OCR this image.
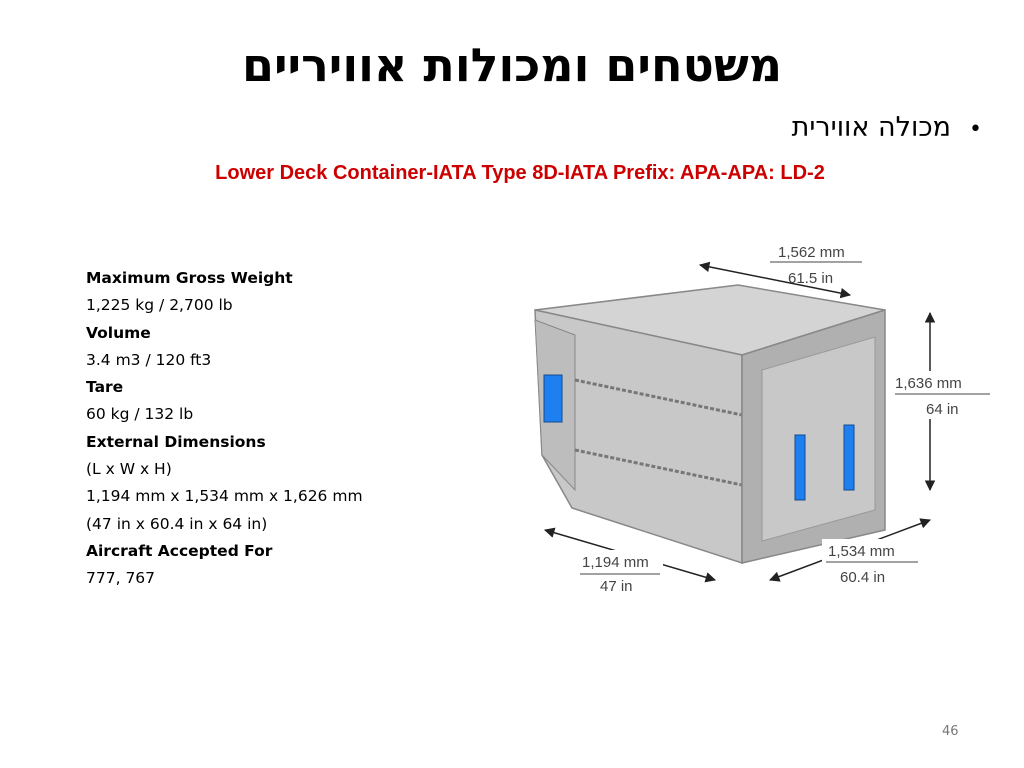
משטחים ומכולות אוויריים
•מכולה אווירית
Lower Deck Container-IATA Type 8D-IATA Prefix: APA-APA: LD-2
Maximum Gross Weight
1,225 kg / 2,700 lb
Volume
3.4 m3 / 120 ft3
Tare
60 kg / 132 lb
External Dimensions
(L x W x H)
1,194 mm x 1,534 mm x 1,626 mm
(47 in x 60.4 in x 64 in)
Aircraft Accepted For
777, 767
1,562 mm
61.5 in
1,636 mm
64 in
1,194 mm
47 in
1,534 mm
60.4 in
46
